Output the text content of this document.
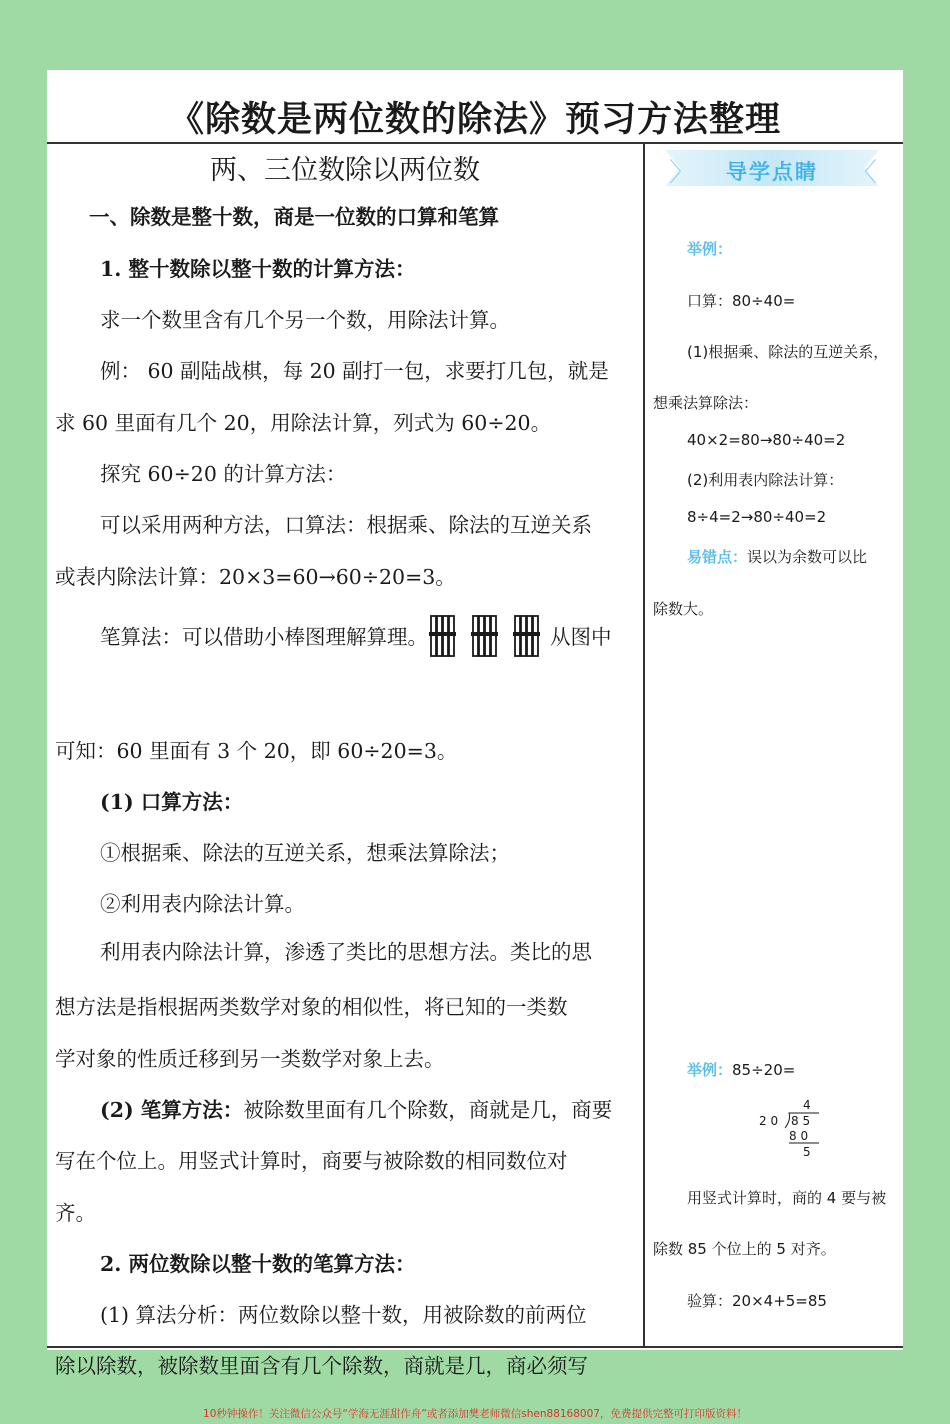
《除数是两位数的除法》预习方法整理
两、三位数除以两位数
一、除数是整十数，商是一位数的口算和笔算
1. 整十数除以整十数的计算方法：
求一个数里含有几个另一个数，用除法计算。
例： 60 副陆战棋，每 20 副打一包，求要打几包，就是
求 60 里面有几个 20，用除法计算，列式为 60÷20。
探究 60÷20 的计算方法：
可以采用两种方法，口算法：根据乘、除法的互逆关系
或表内除法计算：20×3=60→60÷20=3。
笔算法：可以借助小棒图理解算理。	从图中
可知：60 里面有 3 个 20，即 60÷20=3。
(1) 口算方法：
①根据乘、除法的互逆关系，想乘法算除法；
②利用表内除法计算。
利用表内除法计算，渗透了类比的思想方法。类比的思
想方法是指根据两类数学对象的相似性，将已知的一类数
学对象的性质迁移到另一类数学对象上去。
(2) 笔算方法：被除数里面有几个除数，商就是几，商要
写在个位上。用竖式计算时，商要与被除数的相同数位对
齐。
2. 两位数除以整十数的笔算方法：
(1) 算法分析：两位数除以整十数，用被除数的前两位
除以除数，被除数里面含有几个除数，商就是几，商必须写
〉	〈
导学点睛
举例：
口算：80÷40=
(1)根据乘、除法的互逆关系，
想乘法算除法：
40×2=80→80÷40=2
(2)利用表内除法计算：
8÷4=2→80÷40=2
易错点：误以为余数可以比
除数大。
举例：85÷20=
4
2 0 8 5
8 0
5
用竖式计算时，商的 4 要与被
除数 85 个位上的 5 对齐。
验算：20×4+5=85
10秒钟操作！关注微信公众号“学海无涯甜作舟”或者添加樊老师微信shen88168007，免费提供完整可打印版资料！
